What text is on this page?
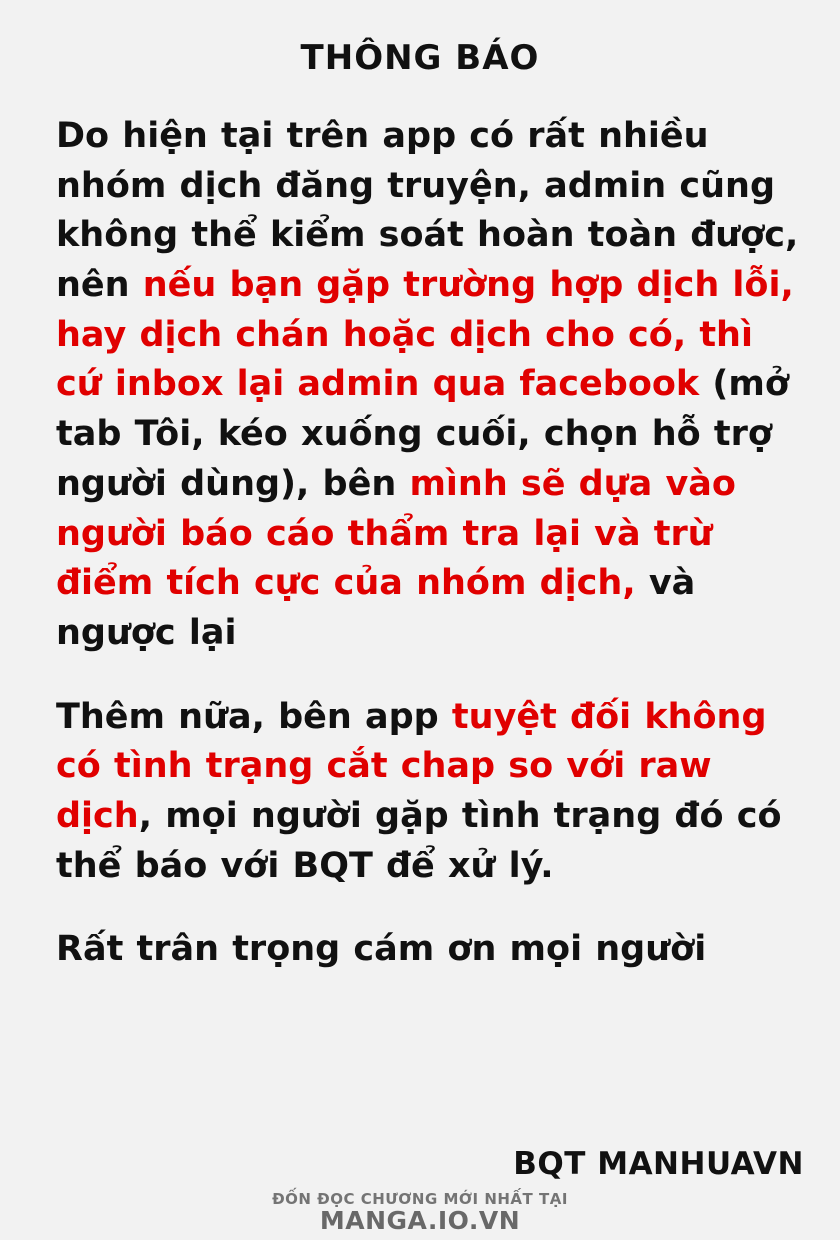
THÔNG BÁO

Do hiện tại trên app có rất nhiều nhóm dịch đăng truyện, admin cũng không thể kiểm soát hoàn toàn được, nên nếu bạn gặp trường hợp dịch lỗi, hay dịch chán hoặc dịch cho có, thì cứ inbox lại admin qua facebook (mở tab Tôi, kéo xuống cuối, chọn hỗ trợ người dùng), bên mình sẽ dựa vào người báo cáo thẩm tra lại và trừ điểm tích cực của nhóm dịch, và ngược lại

Thêm nữa, bên app tuyệt đối không có tình trạng cắt chap so với raw dịch, mọi người gặp tình trạng đó có thể báo với BQT để xử lý.

Rất trân trọng cám ơn mọi người

BQT MANHUAVN
ĐỐN ĐỌC CHƯƠNG MỚI NHẤT TẠI
MANGA.IO.VN
